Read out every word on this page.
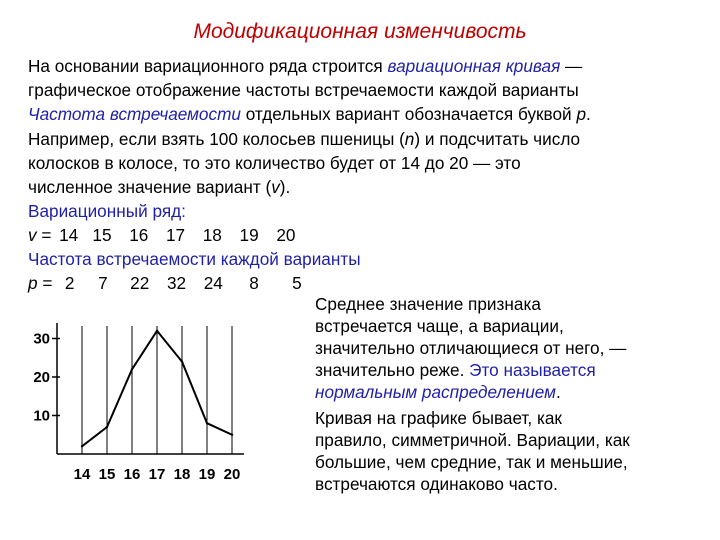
Модификационная изменчивость
На основании вариационного ряда строится вариационная кривая —
графическое отображение частоты встречаемости каждой варианты
Частота встречаемости отдельных вариант обозначается буквой p.
Например, если взять 100 колосьев пшеницы (n) и подсчитать число
колосков в колосе, то это количество будет от 14 до 20 — это
численное значение вариант (v).
Вариационный ряд:
v = 14 15 16 17 18 19 20
Частота встречаемости каждой варианты
p = 2 7 22 32 24 8 5
Среднее значение признака
встречается чаще, а вариации,
значительно отличающиеся от него, —
значительно реже. Это называется
нормальным распределением.
Кривая на графике бывает, как
правило, симметричной. Вариации, как
большие, чем средние, так и меньшие,
встречаются одинаково часто.
10
20
30
14 15 16 17 18 19 20
